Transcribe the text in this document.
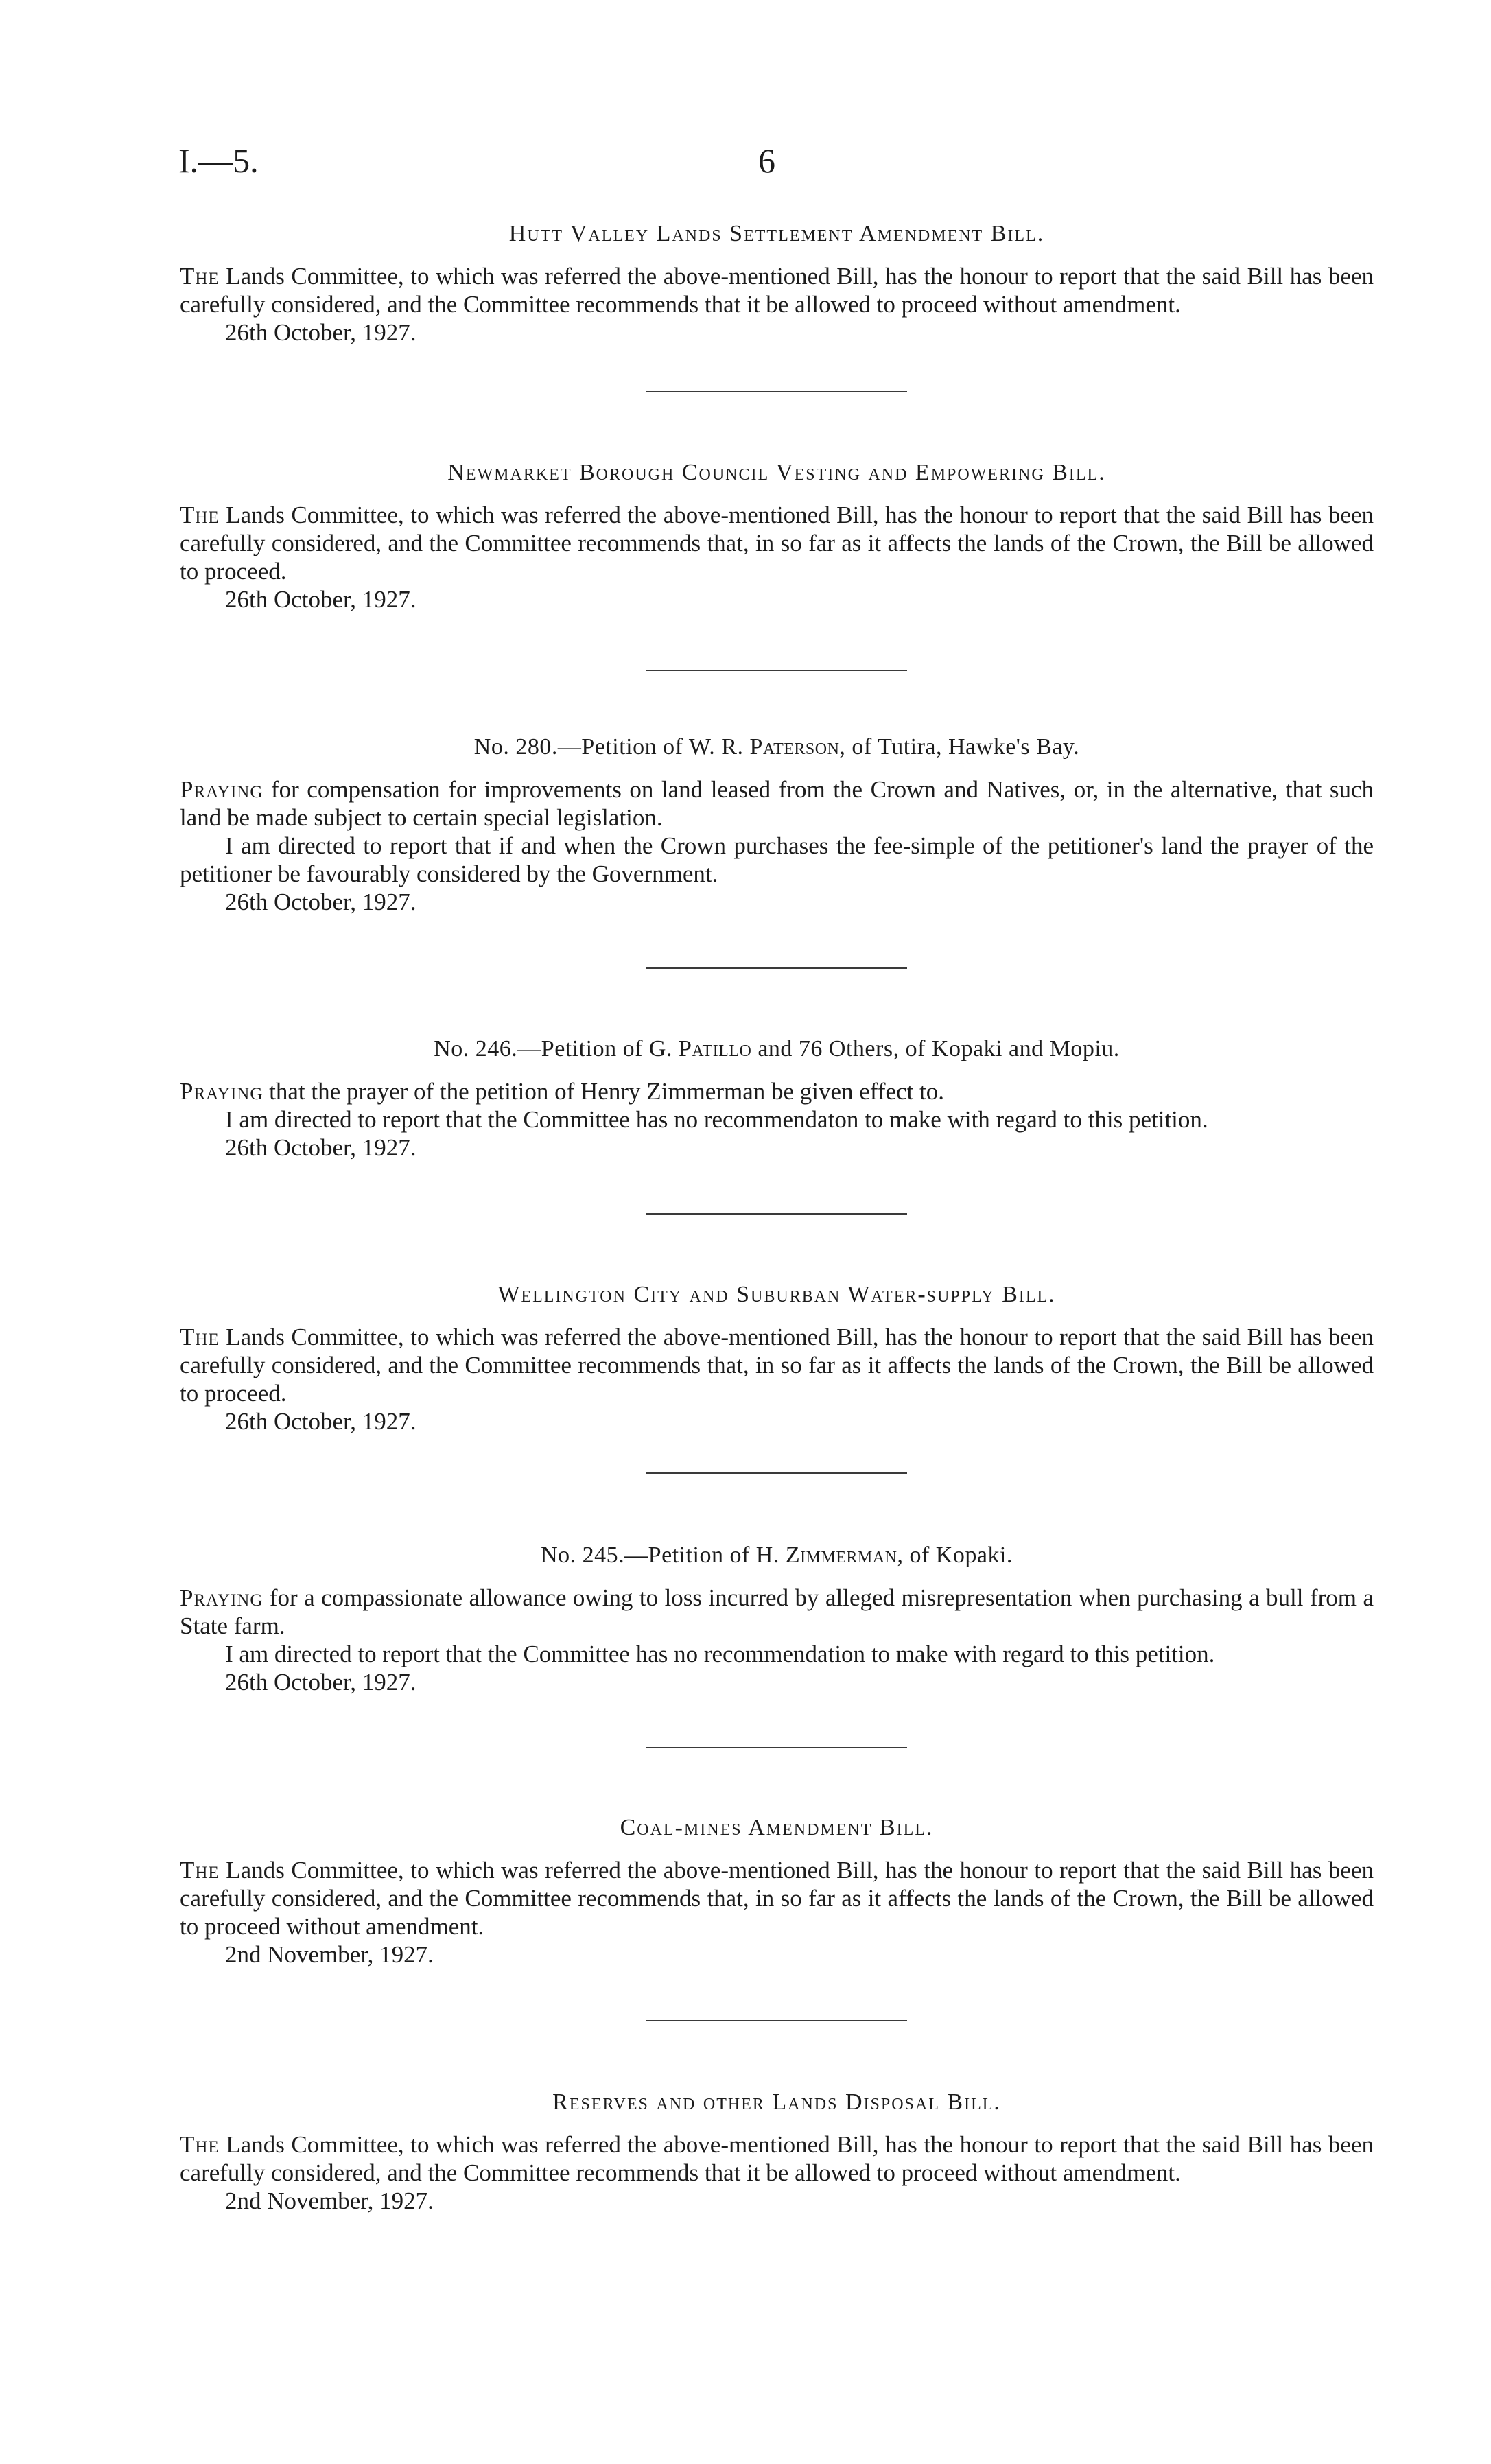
I.—5.	6
Hutt Valley Lands Settlement Amendment Bill.

The Lands Committee, to which was referred the above-mentioned Bill, has the honour to report that the said Bill has been carefully considered, and the Committee recommends that it be allowed to proceed without amendment.

26th October, 1927.

Newmarket Borough Council Vesting and Empowering Bill.

The Lands Committee, to which was referred the above-mentioned Bill, has the honour to report that the said Bill has been carefully considered, and the Committee recommends that, in so far as it affects the lands of the Crown, the Bill be allowed to proceed.

26th October, 1927.

No. 280.—Petition of W. R. Paterson, of Tutira, Hawke's Bay.

Praying for compensation for improvements on land leased from the Crown and Natives, or, in the alternative, that such land be made subject to certain special legislation.

I am directed to report that if and when the Crown purchases the fee-simple of the petitioner's land the prayer of the petitioner be favourably considered by the Government.

26th October, 1927.

No. 246.—Petition of G. Patillo and 76 Others, of Kopaki and Mopiu.

Praying that the prayer of the petition of Henry Zimmerman be given effect to.

I am directed to report that the Committee has no recommendaton to make with regard to this petition.

26th October, 1927.

Wellington City and Suburban Water-supply Bill.

The Lands Committee, to which was referred the above-mentioned Bill, has the honour to report that the said Bill has been carefully considered, and the Committee recommends that, in so far as it affects the lands of the Crown, the Bill be allowed to proceed.

26th October, 1927.

No. 245.—Petition of H. Zimmerman, of Kopaki.

Praying for a compassionate allowance owing to loss incurred by alleged misrepresentation when purchasing a bull from a State farm.

I am directed to report that the Committee has no recommendation to make with regard to this petition.

26th October, 1927.

Coal-mines Amendment Bill.

The Lands Committee, to which was referred the above-mentioned Bill, has the honour to report that the said Bill has been carefully considered, and the Committee recommends that, in so far as it affects the lands of the Crown, the Bill be allowed to proceed without amendment.

2nd November, 1927.

Reserves and other Lands Disposal Bill.

The Lands Committee, to which was referred the above-mentioned Bill, has the honour to report that the said Bill has been carefully considered, and the Committee recommends that it be allowed to proceed without amendment.

2nd November, 1927.
